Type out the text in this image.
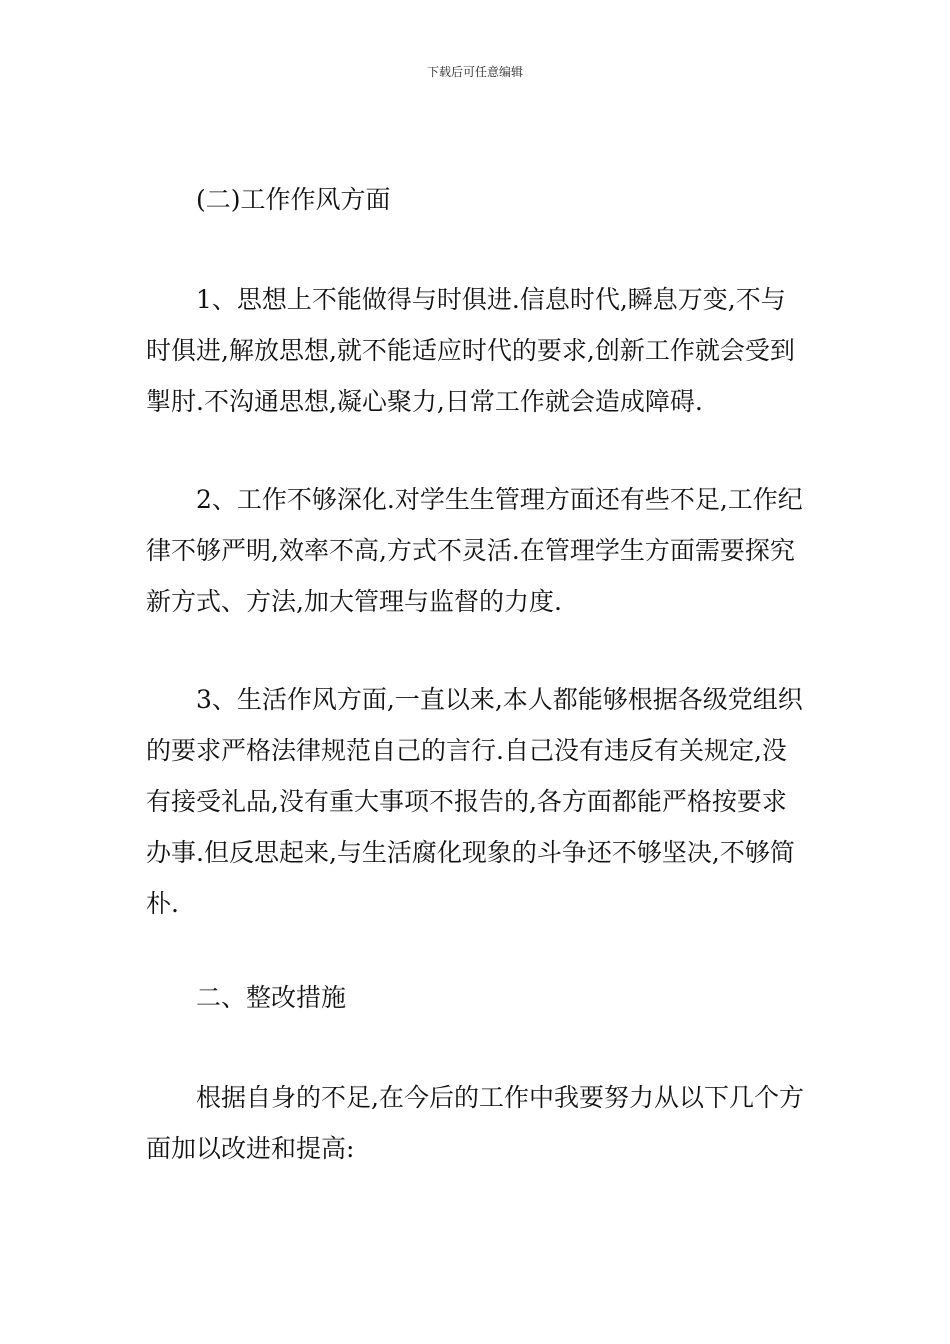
下载后可任意编辑

(二)工作作风方面

1、思想上不能做得与时俱进.信息时代,瞬息万变,不与时俱进,解放思想,就不能适应时代的要求,创新工作就会受到掣肘.不沟通思想,凝心聚力,日常工作就会造成障碍.

2、工作不够深化.对学生生管理方面还有些不足,工作纪律不够严明,效率不高,方式不灵活.在管理学生方面需要探究新方式、方法,加大管理与监督的力度.

3、生活作风方面,一直以来,本人都能够根据各级党组织的要求严格法律规范自己的言行.自己没有违反有关规定,没有接受礼品,没有重大事项不报告的,各方面都能严格按要求办事.但反思起来,与生活腐化现象的斗争还不够坚决,不够简朴.

二、整改措施

根据自身的不足,在今后的工作中我要努力从以下几个方面加以改进和提高:
